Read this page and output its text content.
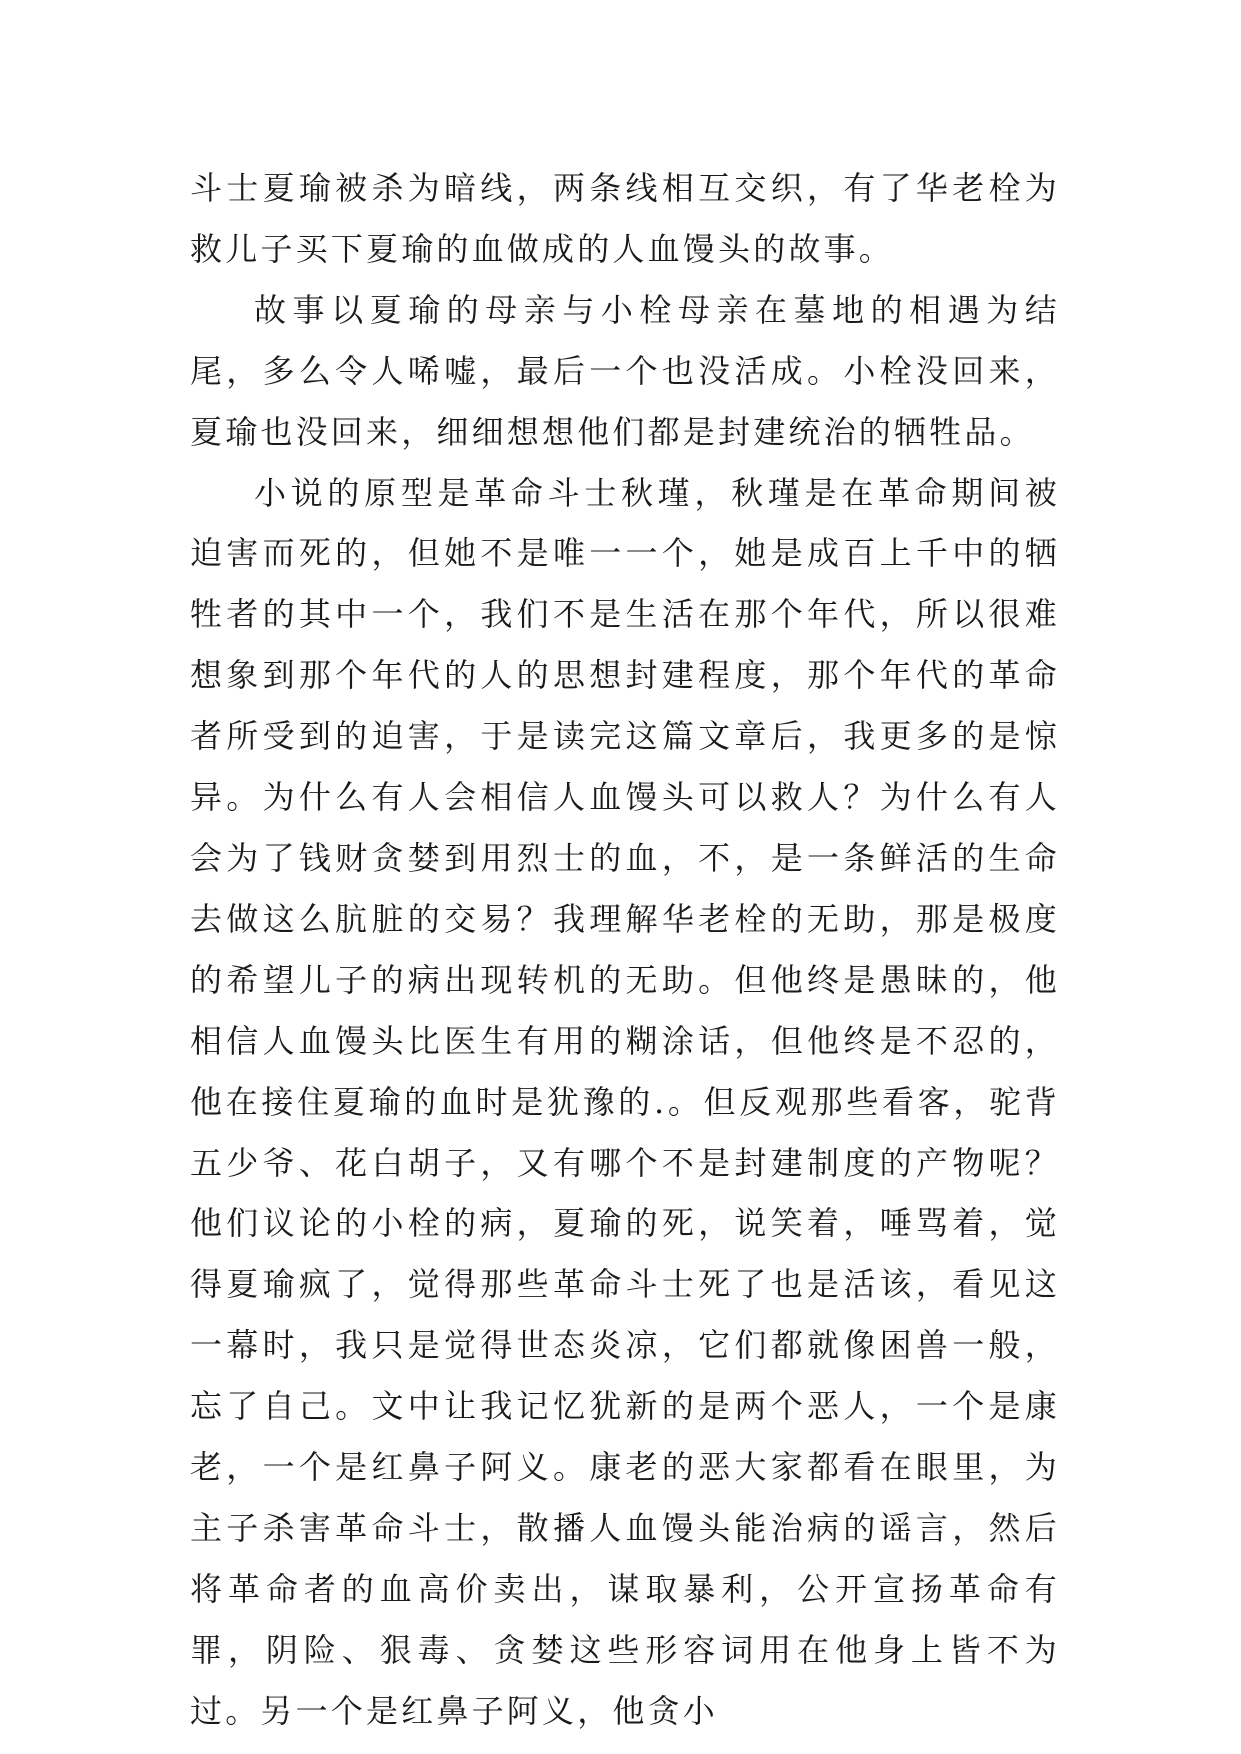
斗士夏瑜被杀为暗线，两条线相互交织，有了华老栓为救儿子买下夏瑜的血做成的人血馒头的故事。

故事以夏瑜的母亲与小栓母亲在墓地的相遇为结尾，多么令人唏嘘，最后一个也没活成。小栓没回来，夏瑜也没回来，细细想想他们都是封建统治的牺牲品。

小说的原型是革命斗士秋瑾，秋瑾是在革命期间被迫害而死的，但她不是唯一一个，她是成百上千中的牺牲者的其中一个，我们不是生活在那个年代，所以很难想象到那个年代的人的思想封建程度，那个年代的革命者所受到的迫害，于是读完这篇文章后，我更多的是惊异。为什么有人会相信人血馒头可以救人？为什么有人会为了钱财贪婪到用烈士的血，不，是一条鲜活的生命去做这么肮脏的交易？我理解华老栓的无助，那是极度的希望儿子的病出现转机的无助。但他终是愚昧的，他相信人血馒头比医生有用的糊涂话，但他终是不忍的，他在接住夏瑜的血时是犹豫的.。但反观那些看客，驼背五少爷、花白胡子，又有哪个不是封建制度的产物呢？他们议论的小栓的病，夏瑜的死，说笑着，唾骂着，觉得夏瑜疯了，觉得那些革命斗士死了也是活该，看见这一幕时，我只是觉得世态炎凉，它们都就像困兽一般，忘了自己。文中让我记忆犹新的是两个恶人，一个是康老，一个是红鼻子阿义。康老的恶大家都看在眼里，为主子杀害革命斗士，散播人血馒头能治病的谣言，然后将革命者的血高价卖出，谋取暴利，公开宣扬革命有罪，阴险、狠毒、贪婪这些形容词用在他身上皆不为过。另一个是红鼻子阿义，他贪小
